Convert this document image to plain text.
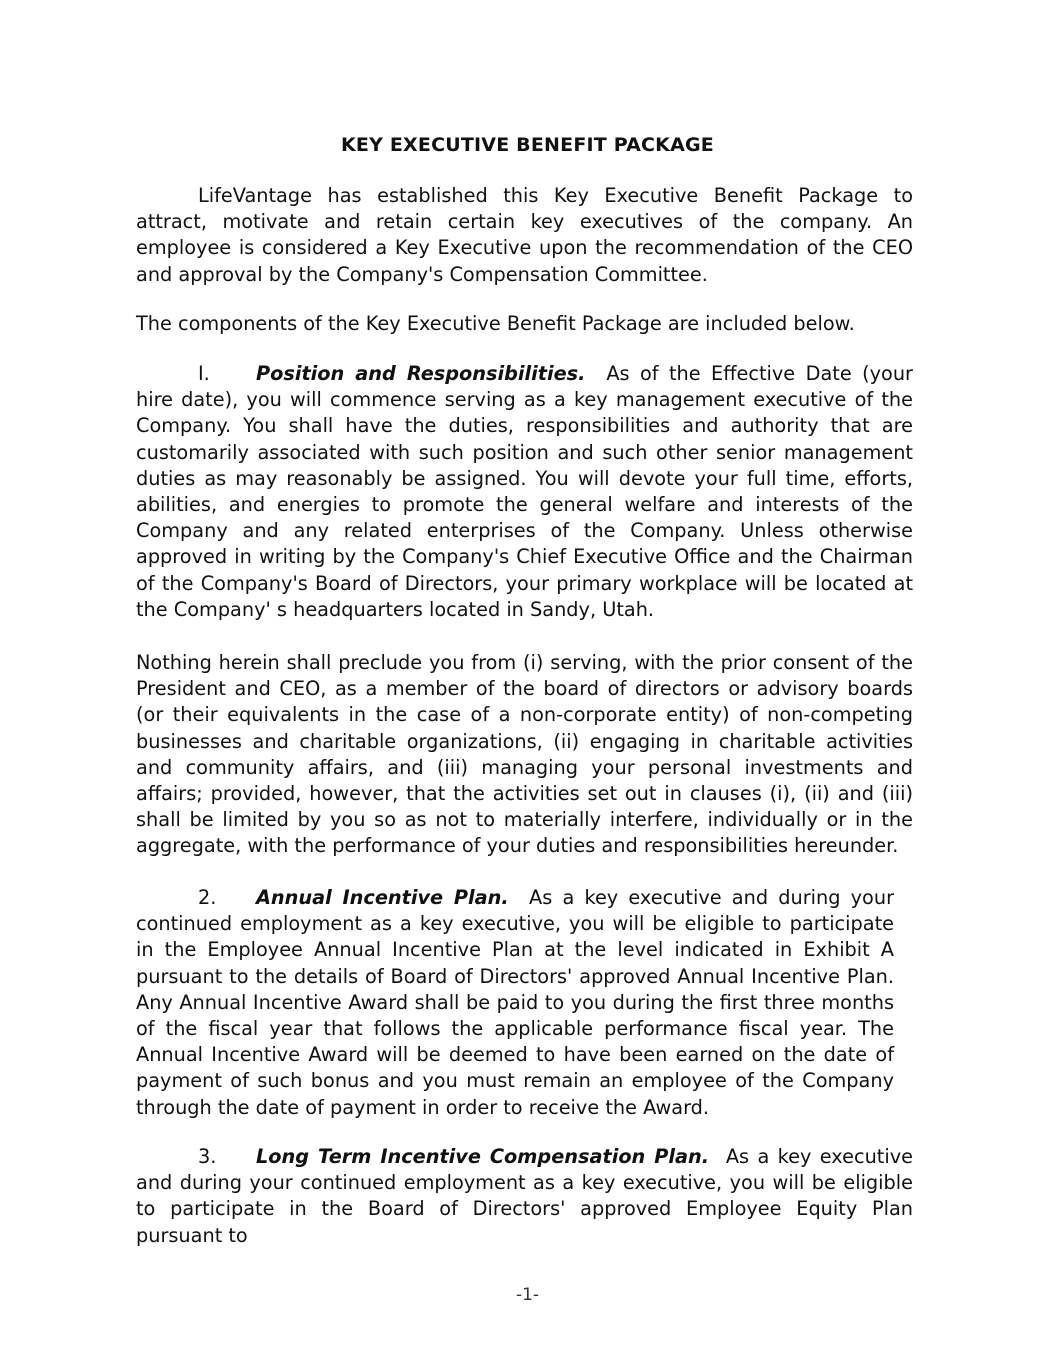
KEY EXECUTIVE BENEFIT PACKAGE

LifeVantage has established this Key Executive Benefit Package to attract, motivate and retain certain key executives of the company. An employee is considered a Key Executive upon the recommendation of the CEO and approval by the Company's Compensation Committee.

The components of the Key Executive Benefit Package are included below.

I. Position and Responsibilities. As of the Effective Date (your hire date), you will commence serving as a key management executive of the Company. You shall have the duties, responsibilities and authority that are customarily associated with such position and such other senior management duties as may reasonably be assigned. You will devote your full time, efforts, abilities, and energies to promote the general welfare and interests of the Company and any related enterprises of the Company. Unless otherwise approved in writing by the Company's Chief Executive Office and the Chairman of the Company's Board of Directors, your primary workplace will be located at the Company' s headquarters located in Sandy, Utah.

Nothing herein shall preclude you from (i) serving, with the prior consent of the President and CEO, as a member of the board of directors or advisory boards (or their equivalents in the case of a non-corporate entity) of non-competing businesses and charitable organizations, (ii) engaging in charitable activities and community affairs, and (iii) managing your personal investments and affairs; provided, however, that the activities set out in clauses (i), (ii) and (iii) shall be limited by you so as not to materially interfere, individually or in the aggregate, with the performance of your duties and responsibilities hereunder.

2. Annual Incentive Plan. As a key executive and during your continued employment as a key executive, you will be eligible to participate in the Employee Annual Incentive Plan at the level indicated in Exhibit A pursuant to the details of Board of Directors' approved Annual Incentive Plan. Any Annual Incentive Award shall be paid to you during the first three months of the fiscal year that follows the applicable performance fiscal year. The Annual Incentive Award will be deemed to have been earned on the date of payment of such bonus and you must remain an employee of the Company through the date of payment in order to receive the Award.

3. Long Term Incentive Compensation Plan. As a key executive and during your continued employment as a key executive, you will be eligible to participate in the Board of Directors' approved Employee Equity Plan pursuant to

-1-
